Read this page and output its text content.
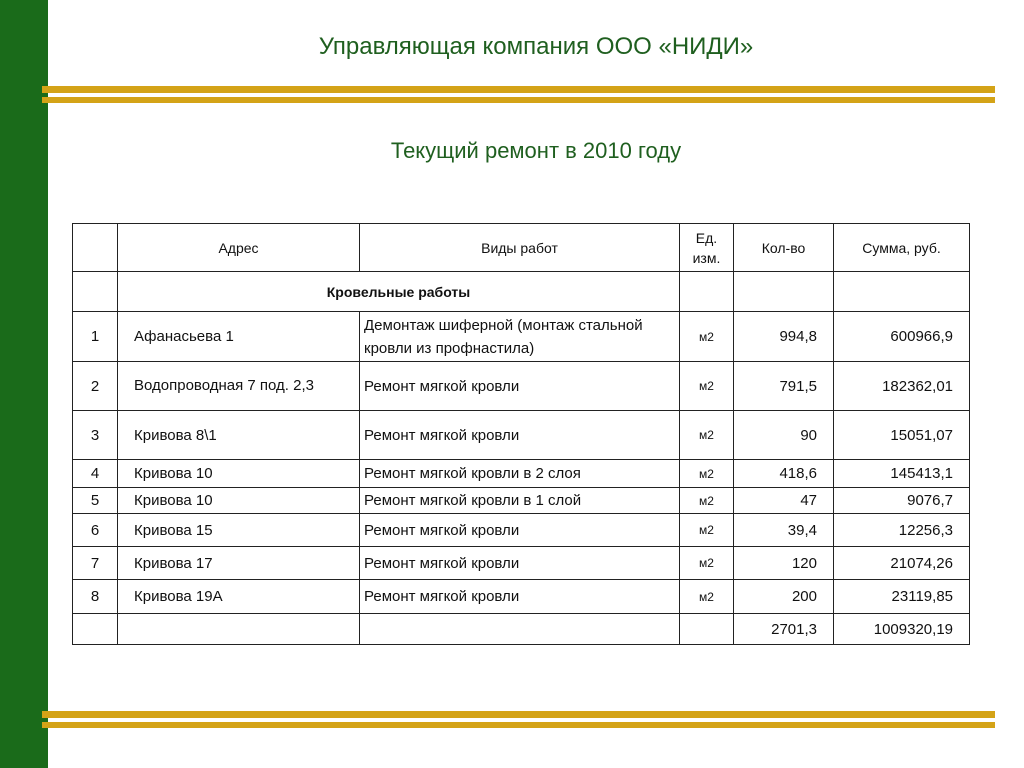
Управляющая компания ООО «НИДИ»
Текущий ремонт в 2010 году
	Адрес	Виды работ	Ед. изм.	Кол-во	Сумма, руб.
	Кровельные работы				
1	Афанасьева 1	Демонтаж шиферной (монтаж стальной кровли из профнастила)	м2	994,8	600966,9
2	Водопроводная 7 под. 2,3	Ремонт мягкой кровли	м2	791,5	182362,01
3	Кривова 8\1	Ремонт мягкой кровли	м2	90	15051,07
4	Кривова 10	Ремонт мягкой кровли в 2 слоя	м2	418,6	145413,1
5	Кривова 10	Ремонт мягкой кровли в 1 слой	м2	47	9076,7
6	Кривова 15	Ремонт мягкой кровли	м2	39,4	12256,3
7	Кривова 17	Ремонт мягкой кровли	м2	120	21074,26
8	Кривова 19А	Ремонт мягкой кровли	м2	200	23119,85
				2701,3	1009320,19
